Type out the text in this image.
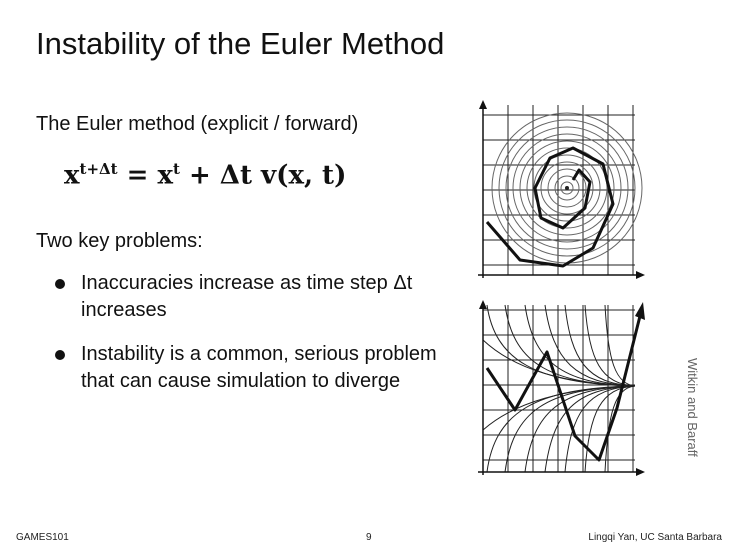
Instability of the Euler Method
The Euler method (explicit / forward)
$x^{t+\Delta t} = x^t + \Delta t$ v(x, t)
Two key problems:
Inaccuracies increase as time step Δt increases
Instability is a common, serious problem that can cause simulation to diverge	Witkin and Baraff
GAMES101	9	Lingqi Yan, UC Santa Barbara
